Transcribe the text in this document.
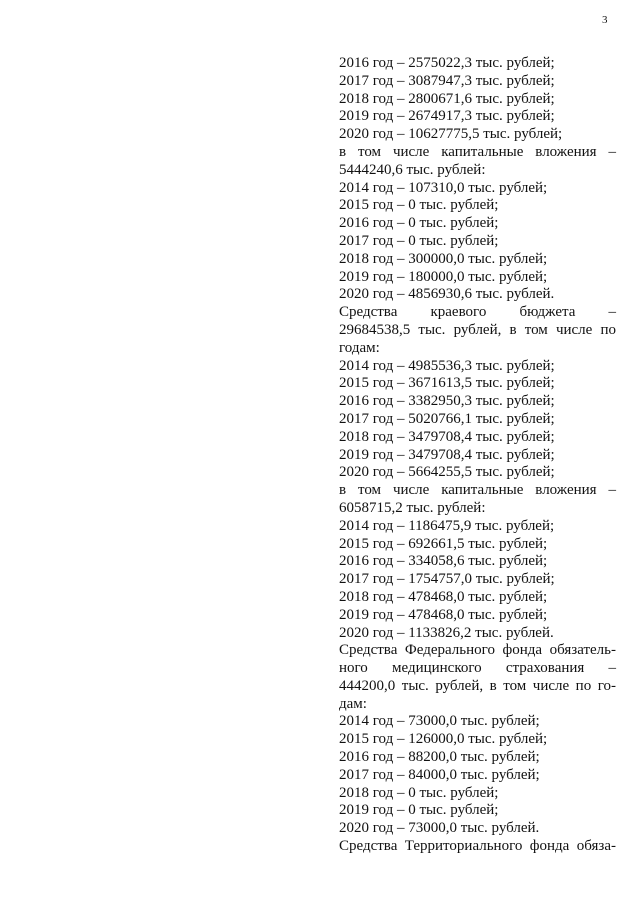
3
2016 год – 2575022,3 тыс. рублей;
2017 год – 3087947,3 тыс. рублей;
2018 год – 2800671,6 тыс. рублей;
2019 год – 2674917,3 тыс. рублей;
2020 год – 10627775,5 тыс. рублей;
в том числе капитальные вложения –
5444240,6 тыс. рублей:
2014 год – 107310,0 тыс. рублей;
2015 год – 0 тыс. рублей;
2016 год – 0 тыс. рублей;
2017 год – 0 тыс. рублей;
2018 год – 300000,0 тыс. рублей;
2019 год – 180000,0 тыс. рублей;
2020 год – 4856930,6 тыс. рублей.
Средства краевого бюджета –
29684538,5 тыс. рублей, в том числе по
годам:
2014 год – 4985536,3 тыс. рублей;
2015 год – 3671613,5 тыс. рублей;
2016 год – 3382950,3 тыс. рублей;
2017 год – 5020766,1 тыс. рублей;
2018 год – 3479708,4 тыс. рублей;
2019 год – 3479708,4 тыс. рублей;
2020 год – 5664255,5 тыс. рублей;
в том числе капитальные вложения –
6058715,2 тыс. рублей:
2014 год – 1186475,9 тыс. рублей;
2015 год – 692661,5 тыс. рублей;
2016 год – 334058,6 тыс. рублей;
2017 год – 1754757,0 тыс. рублей;
2018 год – 478468,0 тыс. рублей;
2019 год – 478468,0 тыс. рублей;
2020 год – 1133826,2 тыс. рублей.
Средства Федерального фонда обязатель-
ного медицинского страхования –
444200,0 тыс. рублей, в том числе по го-
дам:
2014 год – 73000,0 тыс. рублей;
2015 год – 126000,0 тыс. рублей;
2016 год – 88200,0 тыс. рублей;
2017 год – 84000,0 тыс. рублей;
2018 год – 0 тыс. рублей;
2019 год – 0 тыс. рублей;
2020 год – 73000,0 тыс. рублей.
Средства Территориального фонда обяза-
